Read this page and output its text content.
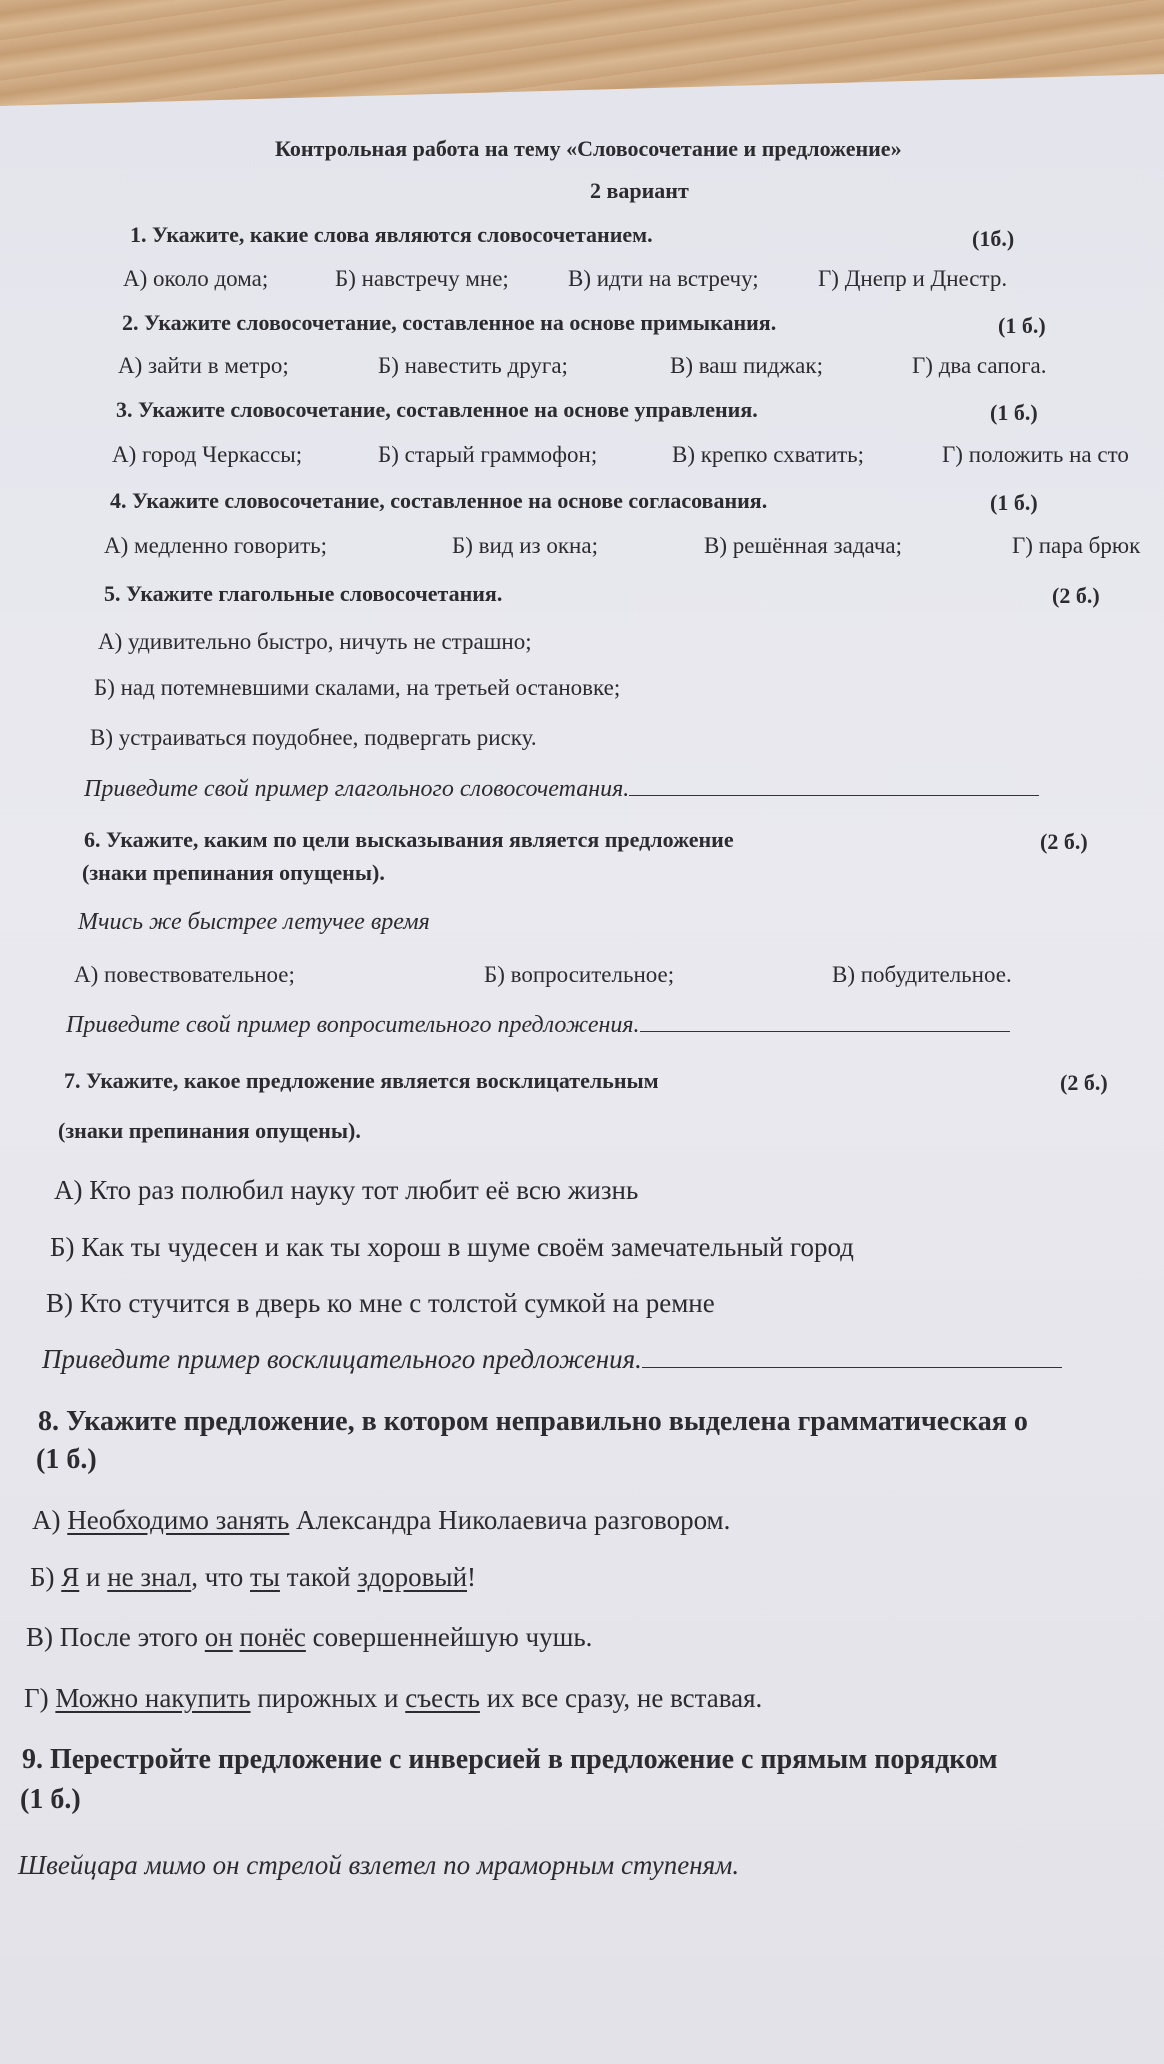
Контрольная работа на тему «Словосочетание и предложение»
2 вариант
1. Укажите, какие слова являются словосочетанием.	(1б.)
А) около дома;	Б) навстречу мне;	В) идти на встречу;	Г) Днепр и Днестр.
2. Укажите словосочетание, составленное на основе примыкания.	(1 б.)
А) зайти в метро;	Б) навестить друга;	В) ваш пиджак;	Г) два сапога.
3. Укажите словосочетание, составленное на основе управления.	(1 б.)
А) город Черкассы;	Б) старый граммофон;	В) крепко схватить;	Г) положить на сто
4. Укажите словосочетание, составленное на основе согласования.	(1 б.)
А) медленно говорить;	Б) вид из окна;	В) решённая задача;	Г) пара брюк
5. Укажите глагольные словосочетания.	(2 б.)
А) удивительно быстро, ничуть не страшно;
Б) над потемневшими скалами, на третьей остановке;
В) устраиваться поудобнее, подвергать риску.
Приведите свой пример глагольного словосочетания.
6. Укажите, каким по цели высказывания является предложение	(2 б.)
(знаки препинания опущены).
Мчись же быстрее летучее время
А) повествовательное;	Б) вопросительное;	В) побудительное.
Приведите свой пример вопросительного предложения.
7. Укажите, какое предложение является восклицательным	(2 б.)
(знаки препинания опущены).
А) Кто раз полюбил науку тот любит её всю жизнь
Б) Как ты чудесен и как ты хорош в шуме своём замечательный город
В) Кто стучится в дверь ко мне с толстой сумкой на ремне
Приведите пример восклицательного предложения.
8. Укажите предложение, в котором неправильно выделена грамматическая о
(1 б.)
А) Необходимо занять Александра Николаевича разговором.
Б) Я и не знал, что ты такой здоровый!
В) После этого он понёс совершеннейшую чушь.
Г) Можно накупить пирожных и съесть их все сразу, не вставая.
9. Перестройте предложение с инверсией в предложение с прямым порядком
(1 б.)
Швейцара мимо он стрелой взлетел по мраморным ступеням.
